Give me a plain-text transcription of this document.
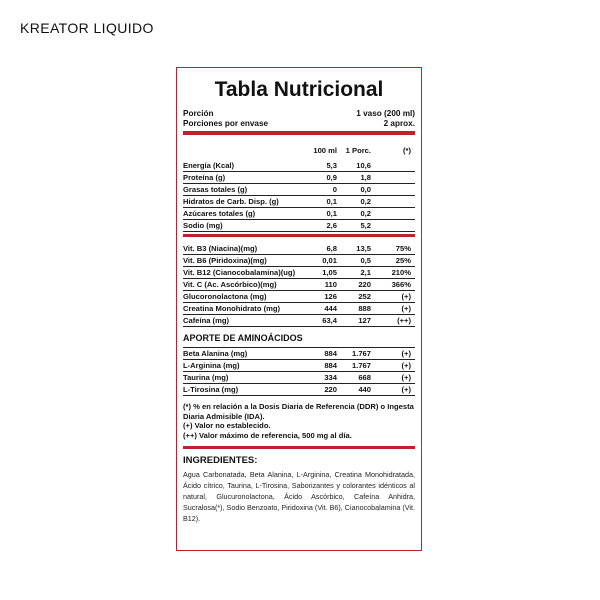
KREATOR LIQUIDO
Tabla Nutricional
Porción	1 vaso (200 ml)
Porciones por envase	2 aprox.
100 ml	1 Porc.	(*)
Energía (Kcal)	5,3	10,6
Proteína (g)	0,9	1,8
Grasas totales (g)	0	0,0
Hidratos de Carb. Disp. (g)	0,1	0,2
Azúcares totales (g)	0,1	0,2
Sodio (mg)	2,6	5,2
Vit. B3 (Niacina)(mg)	6,8	13,5	75%
Vit. B6 (Piridoxina)(mg)	0,01	0,5	25%
Vit. B12 (Cianocobalamina)(ug)	1,05	2,1	210%
Vit. C (Ac. Ascórbico)(mg)	110	220	366%
Glucoronolactona (mg)	126	252	(+)
Creatina Monohidrato (mg)	444	888	(+)
Cafeína (mg)	63,4	127	(++)
APORTE DE AMINOÁCIDOS
Beta Alanina (mg)	884	1.767	(+)
L-Arginina (mg)	884	1.767	(+)
Taurina (mg)	334	668	(+)
L-Tirosina (mg)	220	440	(+)
(*) % en relación a la Dosis Diaria de Referencia (DDR) o Ingesta Diaria Admisible (IDA).
(+) Valor no establecido.
(++) Valor máximo de referencia, 500 mg al día.
INGREDIENTES:
Agua Carbonatada, Beta Alanina, L-Arginina, Creatina Monohidratada, Ácido cítrico, Taurina, L-Tirosina, Saborizantes y colorantes idénticos al natural, Glucuronolactona, Ácido Ascórbico, Cafeína Anhidra, Sucralosa(*), Sodio Benzoato, Piridoxina (Vit. B6), Cianocobalamina (Vit. B12).
